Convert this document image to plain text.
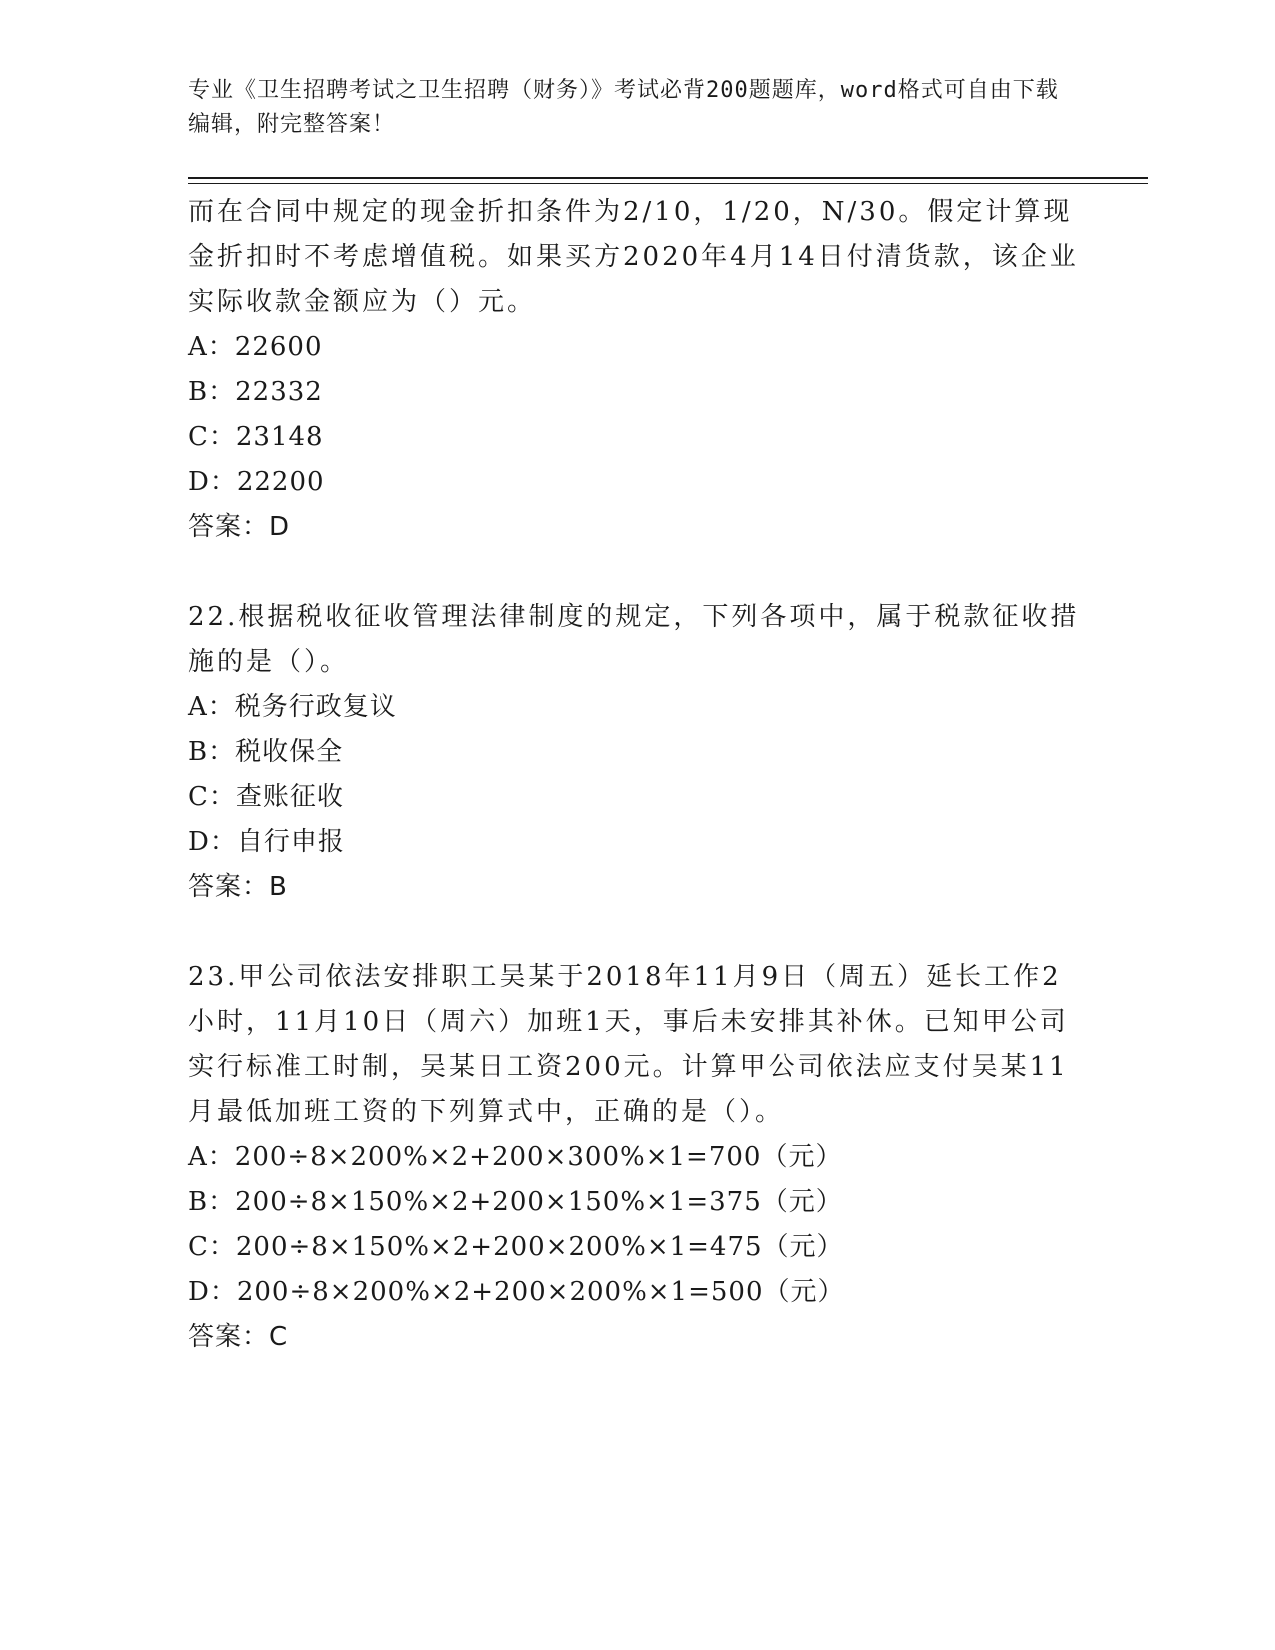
专业《卫生招聘考试之卫生招聘（财务）》考试必背200题题库，word格式可自由下载编辑，附完整答案！

而在合同中规定的现金折扣条件为2/10，1/20，N/30。假定计算现金折扣时不考虑增值税。如果买方2020年4月14日付清货款，该企业实际收款金额应为（）元。

A：22600

B：22332

C：23148

D：22200

答案：D

22.根据税收征收管理法律制度的规定，下列各项中，属于税款征收措施的是（）。

A：税务行政复议

B：税收保全

C：查账征收

D：自行申报

答案：B

23.甲公司依法安排职工吴某于2018年11月9日（周五）延长工作2小时，11月10日（周六）加班1天，事后未安排其补休。已知甲公司实行标准工时制，吴某日工资200元。计算甲公司依法应支付吴某11月最低加班工资的下列算式中，正确的是（）。

A：200÷8×200%×2+200×300%×1=700（元）

B：200÷8×150%×2+200×150%×1=375（元）

C：200÷8×150%×2+200×200%×1=475（元）

D：200÷8×200%×2+200×200%×1=500（元）

答案：C
